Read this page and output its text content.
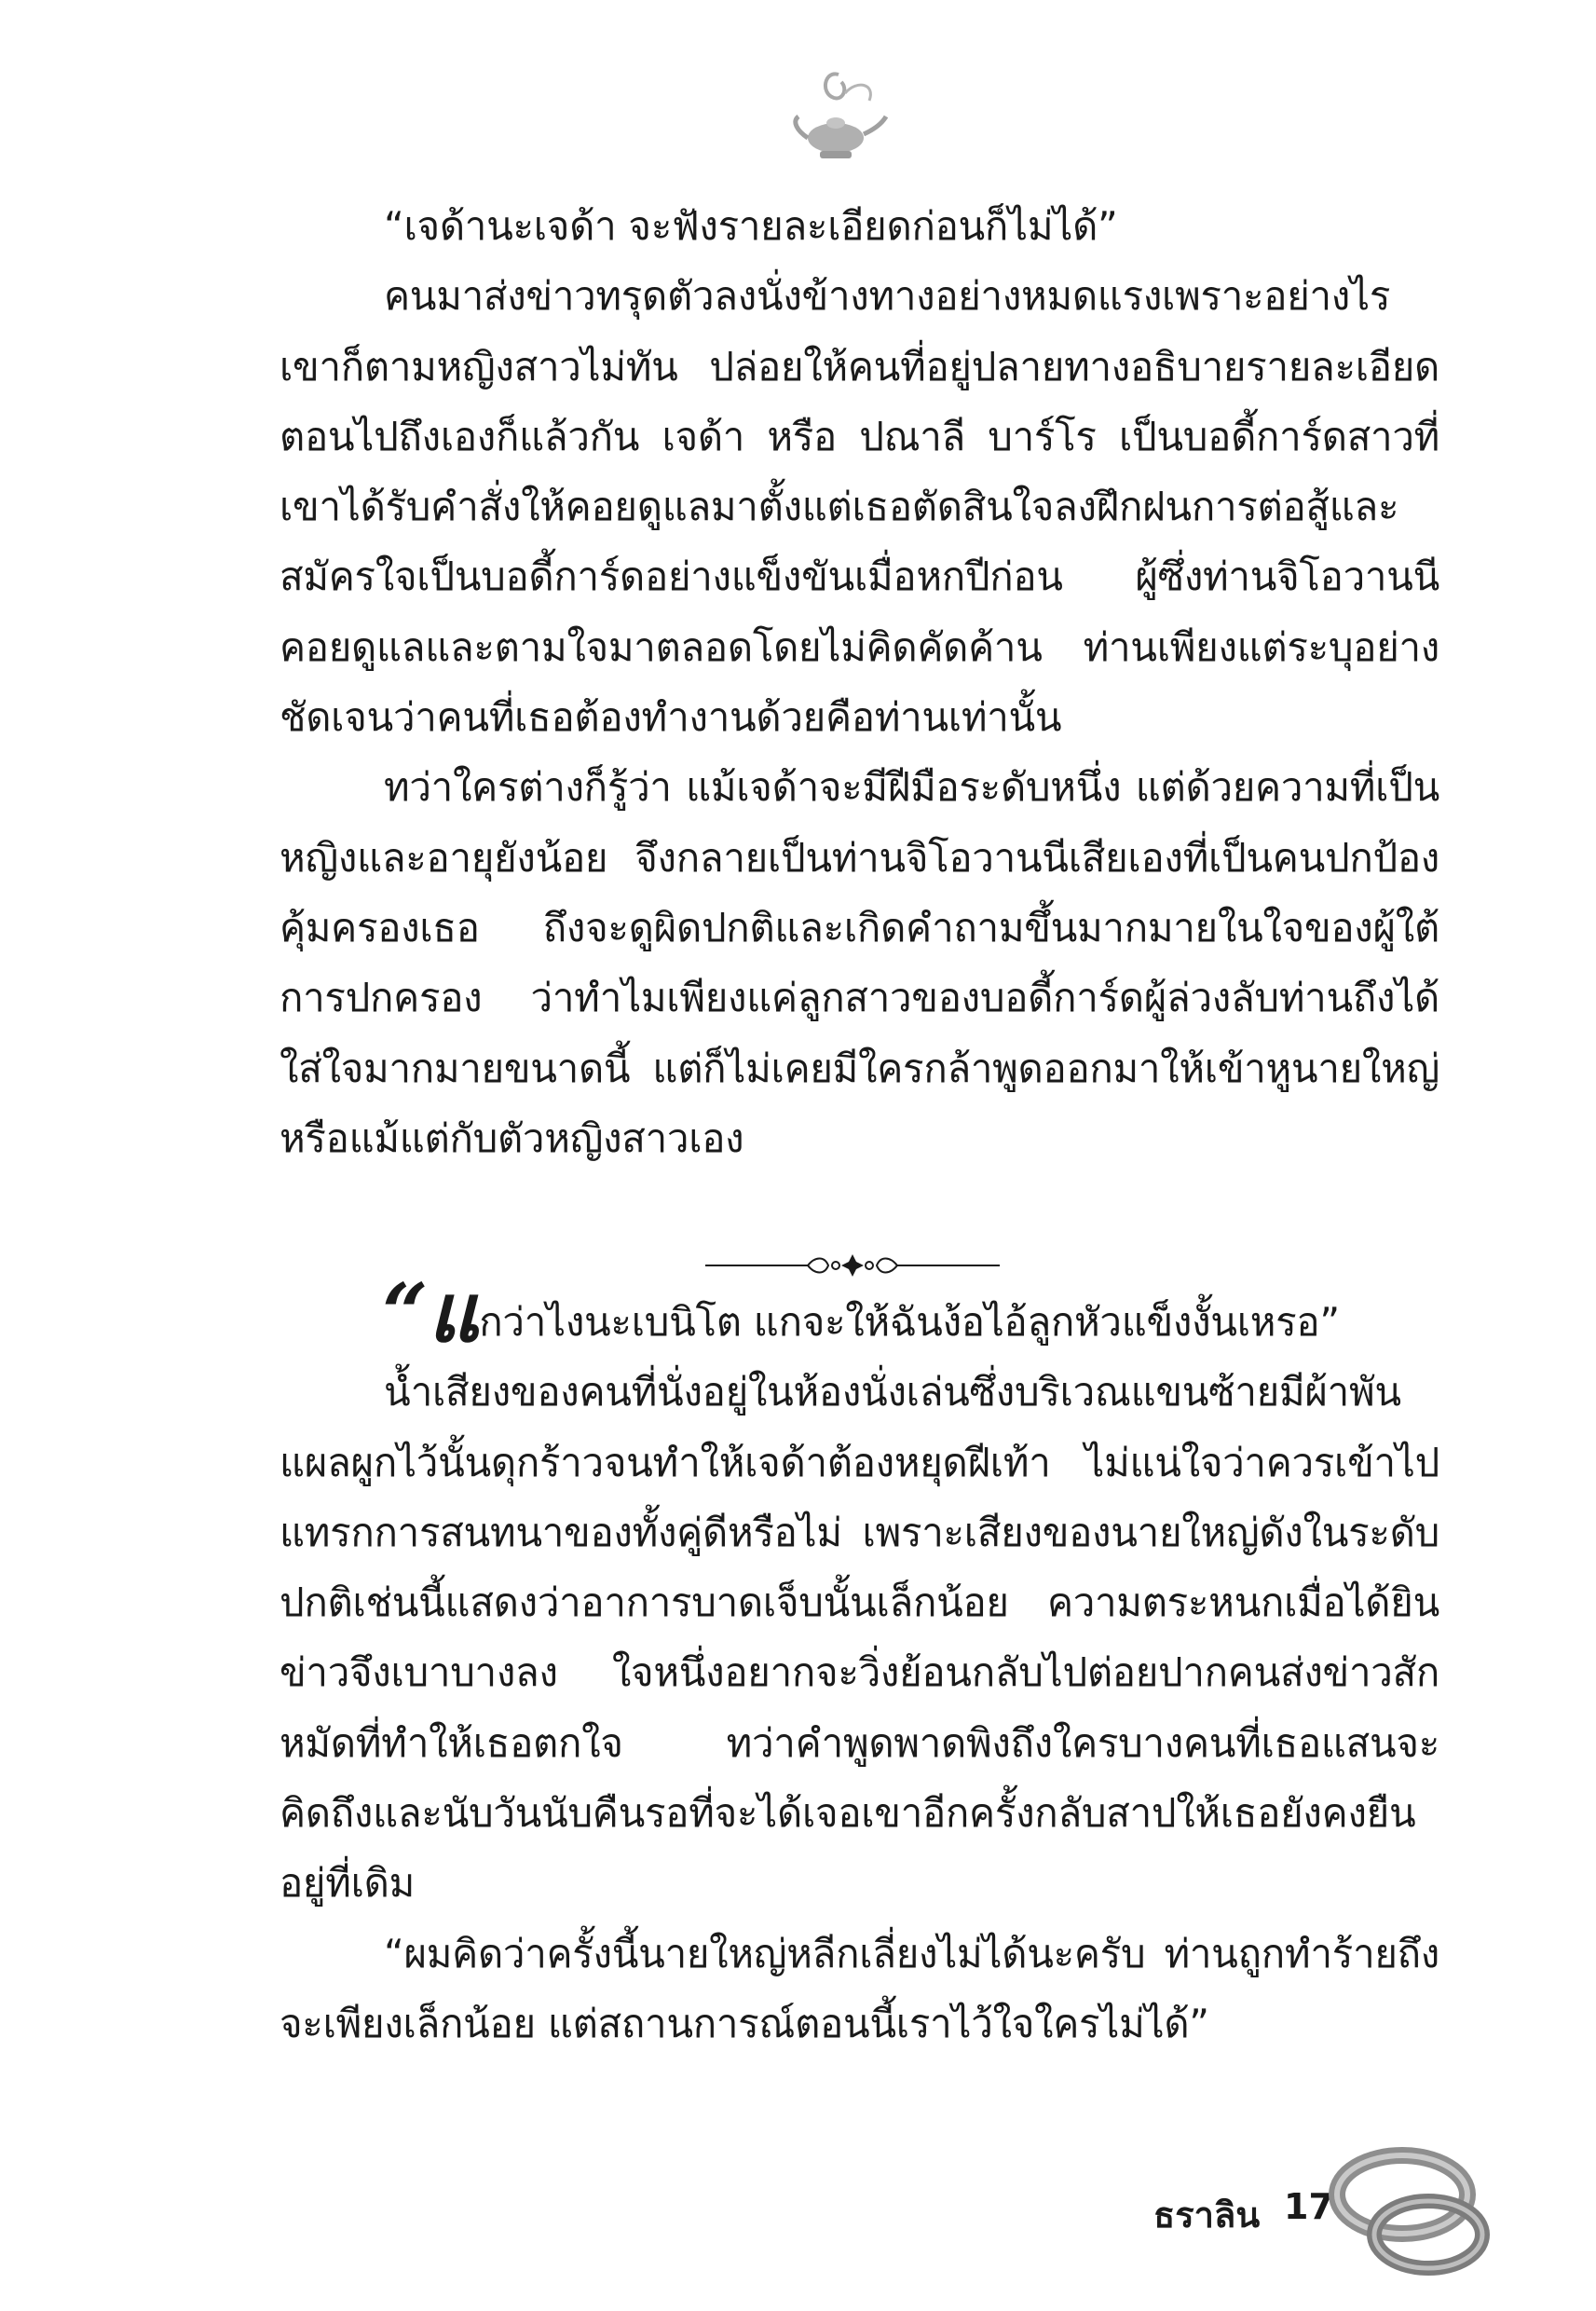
“เจด้านะเจด้า จะฟังรายละเอียดก่อนก็ไม่ได้”

คนมาส่งข่าวทรุดตัวลงนั่งข้างทางอย่างหมดแรงเพราะอย่างไรเขาก็ตามหญิงสาวไม่ทัน ปล่อยให้คนที่อยู่ปลายทางอธิบายรายละเอียดตอนไปถึงเองก็แล้วกัน เจด้า หรือ ปณาลี บาร์โร เป็นบอดี้การ์ดสาวที่เขาได้รับคำสั่งให้คอยดูแลมาตั้งแต่เธอตัดสินใจลงฝึกฝนการต่อสู้และสมัครใจเป็นบอดี้การ์ดอย่างแข็งขันเมื่อหกปีก่อน ผู้ซึ่งท่านจิโอวานนีคอยดูแลและตามใจมาตลอดโดยไม่คิดคัดค้าน ท่านเพียงแต่ระบุอย่างชัดเจนว่าคนที่เธอต้องทำงานด้วยคือท่านเท่านั้น

ทว่าใครต่างก็รู้ว่า แม้เจด้าจะมีฝีมือระดับหนึ่ง แต่ด้วยความที่เป็นหญิงและอายุยังน้อย จึงกลายเป็นท่านจิโอวานนีเสียเองที่เป็นคนปกป้องคุ้มครองเธอ ถึงจะดูผิดปกติและเกิดคำถามขึ้นมากมายในใจของผู้ใต้การปกครอง ว่าทำไมเพียงแค่ลูกสาวของบอดี้การ์ดผู้ล่วงลับท่านถึงได้ใส่ใจมากมายขนาดนี้ แต่ก็ไม่เคยมีใครกล้าพูดออกมาให้เข้าหูนายใหญ่หรือแม้แต่กับตัวหญิงสาวเอง

“แกว่าไงนะเบนิโต แกจะให้ฉันง้อไอ้ลูกหัวแข็งงั้นเหรอ”

น้ำเสียงของคนที่นั่งอยู่ในห้องนั่งเล่นซึ่งบริเวณแขนซ้ายมีผ้าพันแผลผูกไว้นั้นดุกร้าวจนทำให้เจด้าต้องหยุดฝีเท้า ไม่แน่ใจว่าควรเข้าไปแทรกการสนทนาของทั้งคู่ดีหรือไม่ เพราะเสียงของนายใหญ่ดังในระดับปกติเช่นนี้แสดงว่าอาการบาดเจ็บนั้นเล็กน้อย ความตระหนกเมื่อได้ยินข่าวจึงเบาบางลง ใจหนึ่งอยากจะวิ่งย้อนกลับไปต่อยปากคนส่งข่าวสักหมัดที่ทำให้เธอตกใจ ทว่าคำพูดพาดพิงถึงใครบางคนที่เธอแสนจะคิดถึงและนับวันนับคืนรอที่จะได้เจอเขาอีกครั้งกลับสาปให้เธอยังคงยืนอยู่ที่เดิม

“ผมคิดว่าครั้งนี้นายใหญ่หลีกเลี่ยงไม่ได้นะครับ ท่านถูกทำร้ายถึงจะเพียงเล็กน้อย แต่สถานการณ์ตอนนี้เราไว้ใจใครไม่ได้”

ธราลิน 17
